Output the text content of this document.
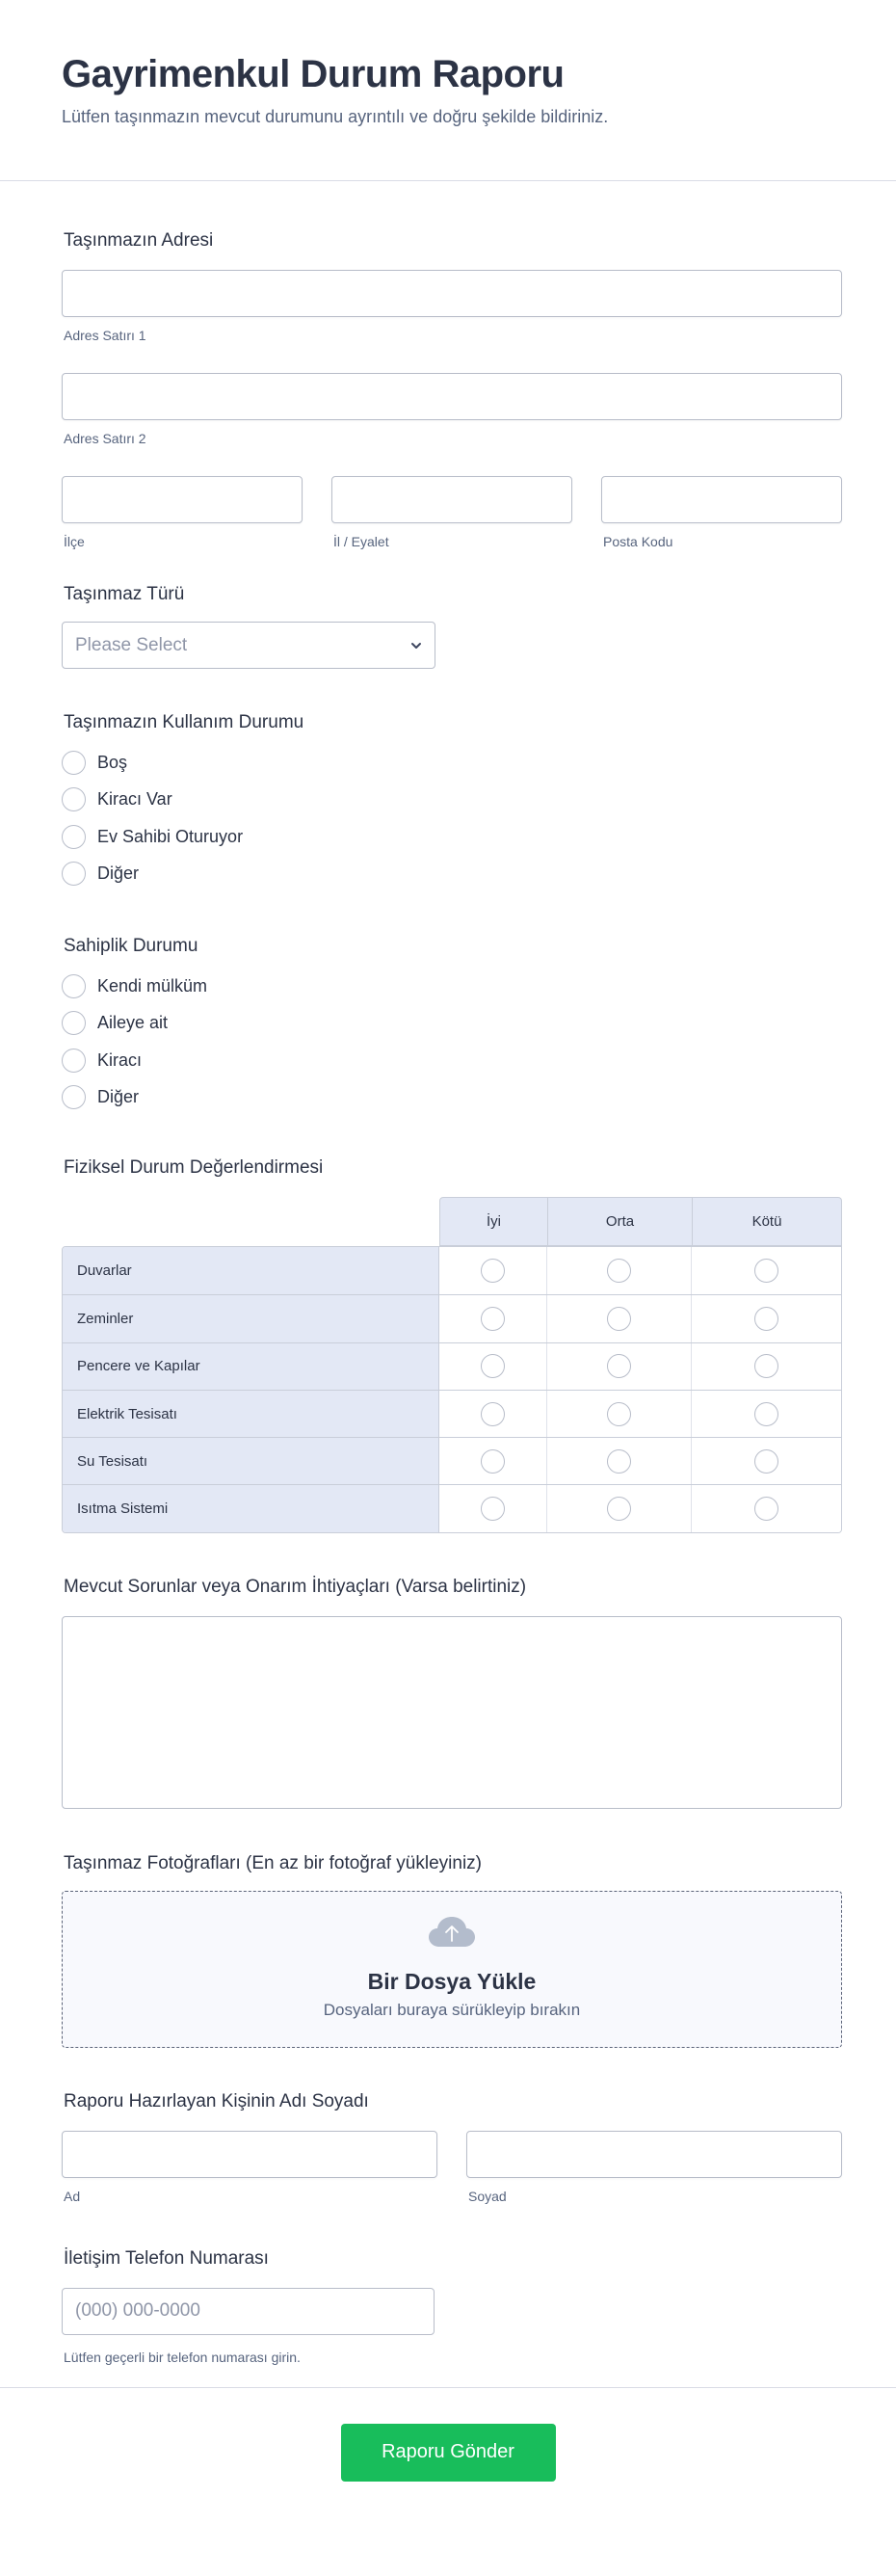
Gayrimenkul Durum Raporu

Lütfen taşınmazın mevcut durumunu ayrıntılı ve doğru şekilde bildiriniz.

Taşınmazın Adresi
Adres Satırı 1
Adres Satırı 2
İlçe	İl / Eyalet	Posta Kodu
Taşınmaz Türü
Please Select
Taşınmazın Kullanım Durumu
Boş
Kiracı Var
Ev Sahibi Oturuyor
Diğer
Sahiplik Durumu
Kendi mülküm
Aileye ait
Kiracı
Diğer
Fiziksel Durum Değerlendirmesi
İyi	Orta	Kötü
Duvarlar
Zeminler
Pencere ve Kapılar
Elektrik Tesisatı
Su Tesisatı
Isıtma Sistemi
Mevcut Sorunlar veya Onarım İhtiyaçları (Varsa belirtiniz)
Taşınmaz Fotoğrafları (En az bir fotoğraf yükleyiniz)
Bir Dosya Yükle
Dosyaları buraya sürükleyip bırakın
Raporu Hazırlayan Kişinin Adı Soyadı
Ad	Soyad
İletişim Telefon Numarası
(000) 000-0000
Lütfen geçerli bir telefon numarası girin.
Raporu Gönder
